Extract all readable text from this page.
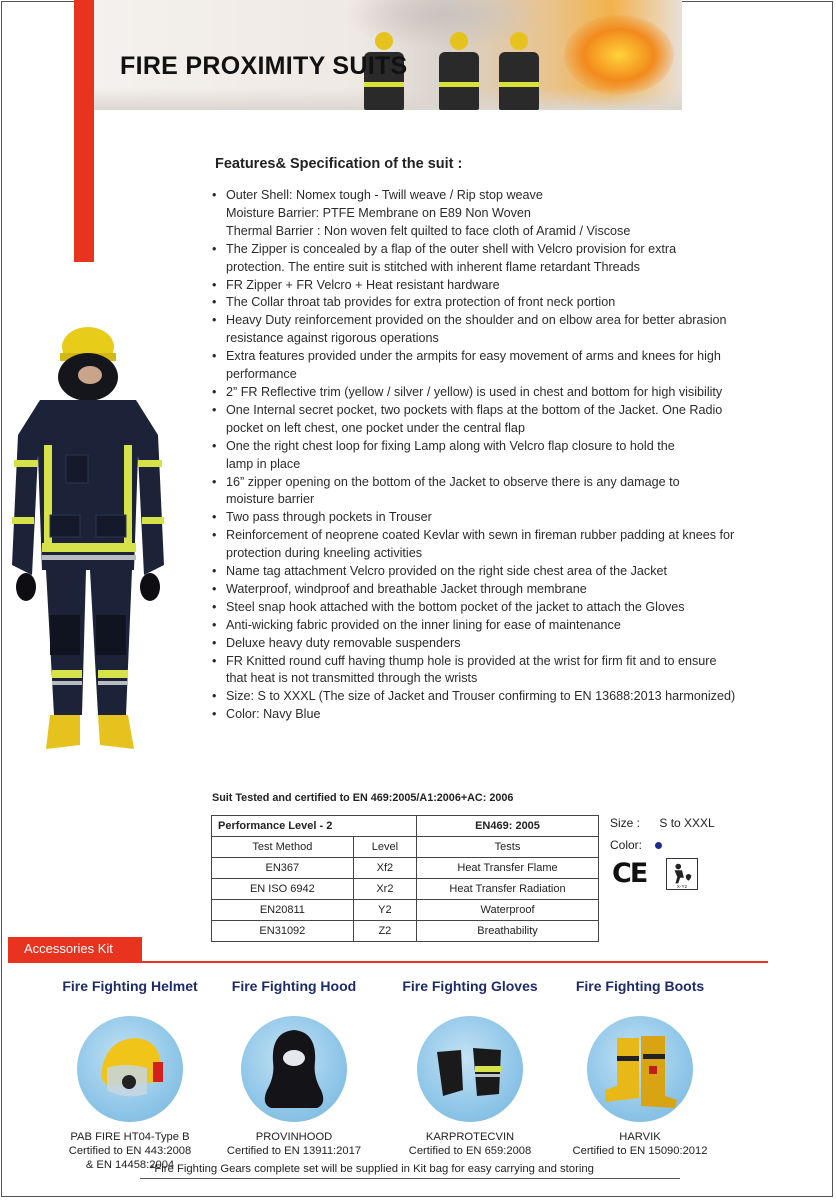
FIRE PROXIMITY SUITS
Features& Specification of the suit :
• Outer Shell: Nomex tough - Twill weave / Rip stop weave
Moisture Barrier: PTFE Membrane on E89 Non Woven
Thermal Barrier : Non woven felt quilted to face cloth of Aramid / Viscose
• The Zipper is concealed by a flap of the outer shell with Velcro provision for extra
protection. The entire suit is stitched with inherent flame retardant Threads
• FR Zipper + FR Velcro + Heat resistant hardware
• The Collar throat tab provides for extra protection of front neck portion
• Heavy Duty reinforcement provided on the shoulder and on elbow area for better abrasion
resistance against rigorous operations
• Extra features provided under the armpits for easy movement of arms and knees for high
performance
• 2” FR Reflective trim (yellow / silver / yellow) is used in chest and bottom for high visibility
• One Internal secret pocket, two pockets with flaps at the bottom of the Jacket. One Radio
pocket on left chest, one pocket under the central flap
• One the right chest loop for fixing Lamp along with Velcro flap closure to hold the
lamp in place
• 16” zipper opening on the bottom of the Jacket to observe there is any damage to
moisture barrier
• Two pass through pockets in Trouser
• Reinforcement of neoprene coated Kevlar with sewn in fireman rubber padding at knees for
protection during kneeling activities
• Name tag attachment Velcro provided on the right side chest area of the Jacket
• Waterproof, windproof and breathable Jacket through membrane
• Steel snap hook attached with the bottom pocket of the jacket to attach the Gloves
• Anti-wicking fabric provided on the inner lining for ease of maintenance
• Deluxe heavy duty removable suspenders
• FR Knitted round cuff having thump hole is provided at the wrist for firm fit and to ensure
that heat is not transmitted through the wrists
• Size: S to XXXL (The size of Jacket and Trouser confirming to EN 13688:2013 harmonized)
• Color: Navy Blue
Suit Tested and certified to EN 469:2005/A1:2006+AC: 2006
Performance Level - 2		EN469: 2005
Test Method	Level	Tests
EN367	Xf2	Heat Transfer Flame
EN ISO 6942	Xr2	Heat Transfer Radiation
EN20811	Y2	Waterproof
EN31092	Z2	Breathability
Size : S to XXXL
Color:
CE	X-Y2
Accessories Kit
Fire Fighting Helmet
PAB FIRE HT04-Type B
Certified to EN 443:2008
& EN 14458:2004
Fire Fighting Hood
PROVINHOOD
Certified to EN 13911:2017
Fire Fighting Gloves
KARPROTECVIN
Certified to EN 659:2008
Fire Fighting Boots
HARVIK
Certified to EN 15090:2012
*Fire Fighting Gears complete set will be supplied in Kit bag for easy carrying and storing
